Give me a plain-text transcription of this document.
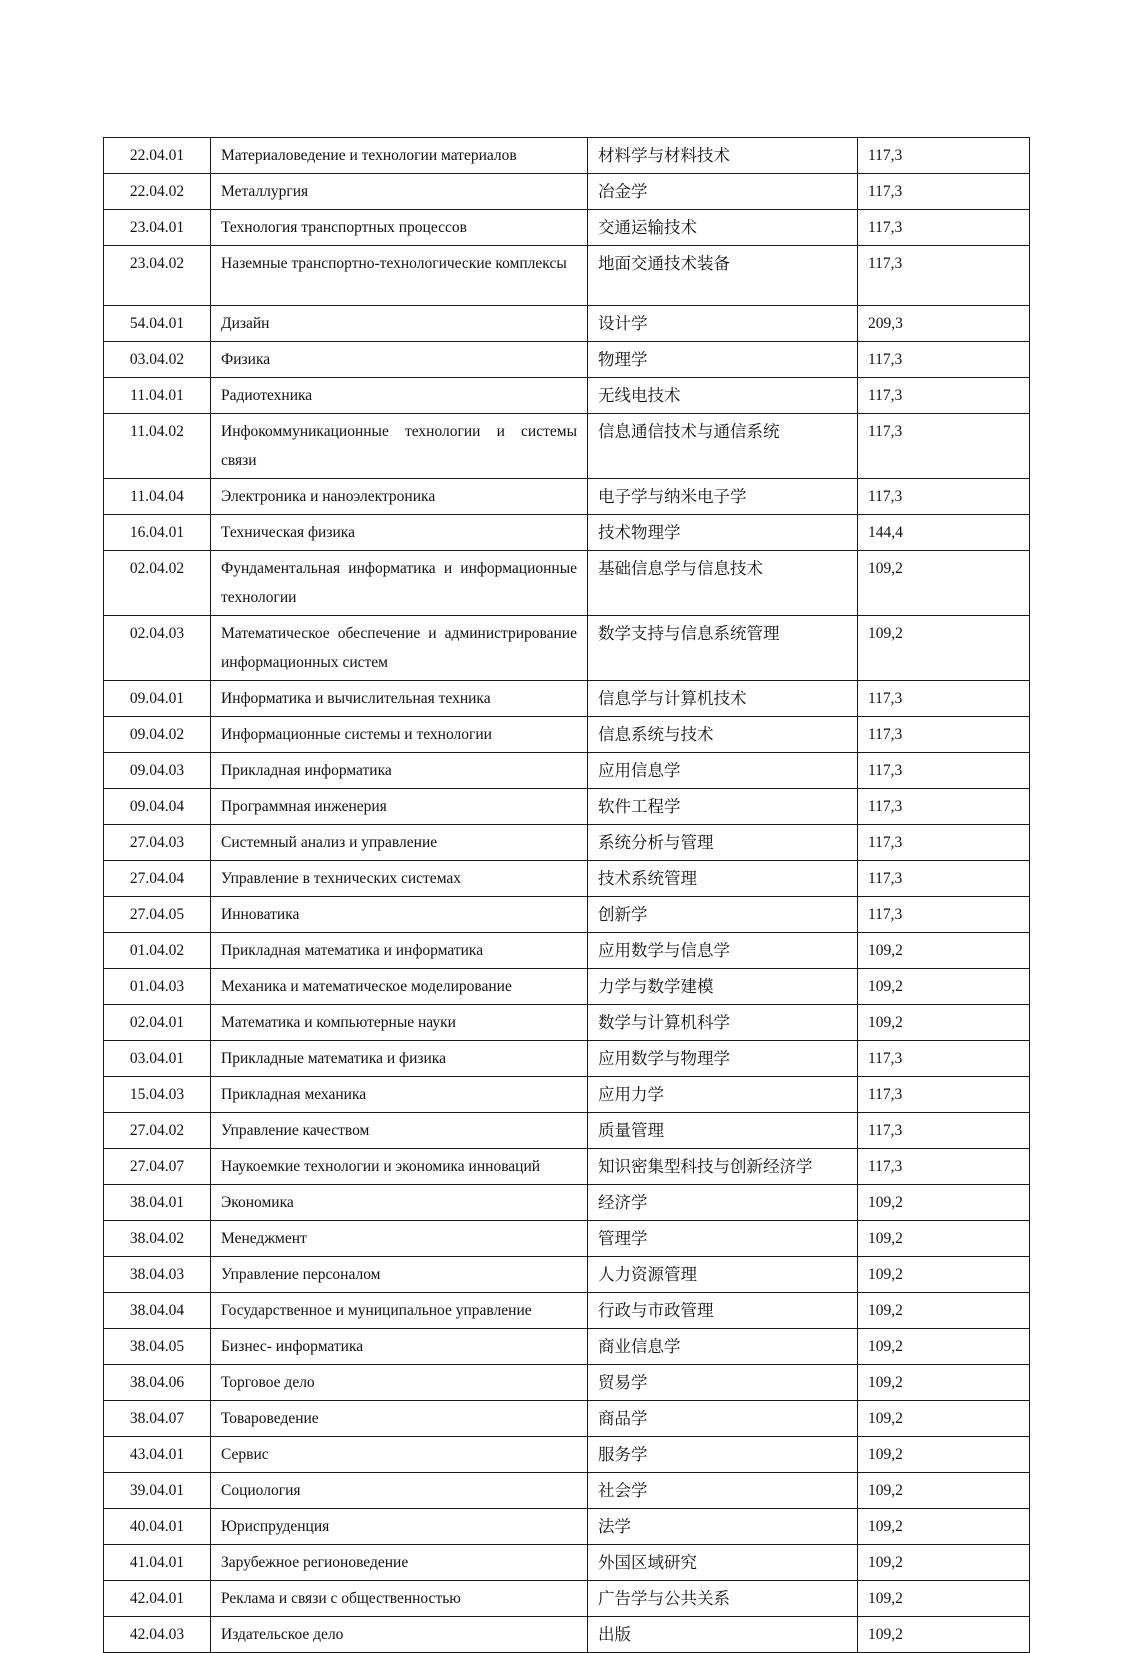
22.04.01	Материаловедение и технологии материалов	材料学与材料技术	117,3
22.04.02	Металлургия	冶金学	117,3
23.04.01	Технология транспортных процессов	交通运输技术	117,3
23.04.02	Наземные транспортно-технологические комплексы	地面交通技术装备	117,3
54.04.01	Дизайн	设计学	209,3
03.04.02	Физика	物理学	117,3
11.04.01	Радиотехника	无线电技术	117,3
11.04.02	Инфокоммуникационные технологии и системы связи	信息通信技术与通信系统	117,3
11.04.04	Электроника и наноэлектроника	电子学与纳米电子学	117,3
16.04.01	Техническая физика	技术物理学	144,4
02.04.02	Фундаментальная информатика и информационные технологии	基础信息学与信息技术	109,2
02.04.03	Математическое обеспечение и администрирование информационных систем	数学支持与信息系统管理	109,2
09.04.01	Информатика и вычислительная техника	信息学与计算机技术	117,3
09.04.02	Информационные системы и технологии	信息系统与技术	117,3
09.04.03	Прикладная информатика	应用信息学	117,3
09.04.04	Программная инженерия	软件工程学	117,3
27.04.03	Системный анализ и управление	系统分析与管理	117,3
27.04.04	Управление в технических системах	技术系统管理	117,3
27.04.05	Инноватика	创新学	117,3
01.04.02	Прикладная математика и информатика	应用数学与信息学	109,2
01.04.03	Механика и математическое моделирование	力学与数学建模	109,2
02.04.01	Математика и компьютерные науки	数学与计算机科学	109,2
03.04.01	Прикладные математика и физика	应用数学与物理学	117,3
15.04.03	Прикладная механика	应用力学	117,3
27.04.02	Управление качеством	质量管理	117,3
27.04.07	Наукоемкие технологии и экономика инноваций	知识密集型科技与创新经济学	117,3
38.04.01	Экономика	经济学	109,2
38.04.02	Менеджмент	管理学	109,2
38.04.03	Управление персоналом	人力资源管理	109,2
38.04.04	Государственное и муниципальное управление	行政与市政管理	109,2
38.04.05	Бизнес- информатика	商业信息学	109,2
38.04.06	Торговое дело	贸易学	109,2
38.04.07	Товароведение	商品学	109,2
43.04.01	Сервис	服务学	109,2
39.04.01	Социология	社会学	109,2
40.04.01	Юриспруденция	法学	109,2
41.04.01	Зарубежное регионоведение	外国区域研究	109,2
42.04.01	Реклама и связи с общественностью	广告学与公共关系	109,2
42.04.03	Издательское дело	出版	109,2
